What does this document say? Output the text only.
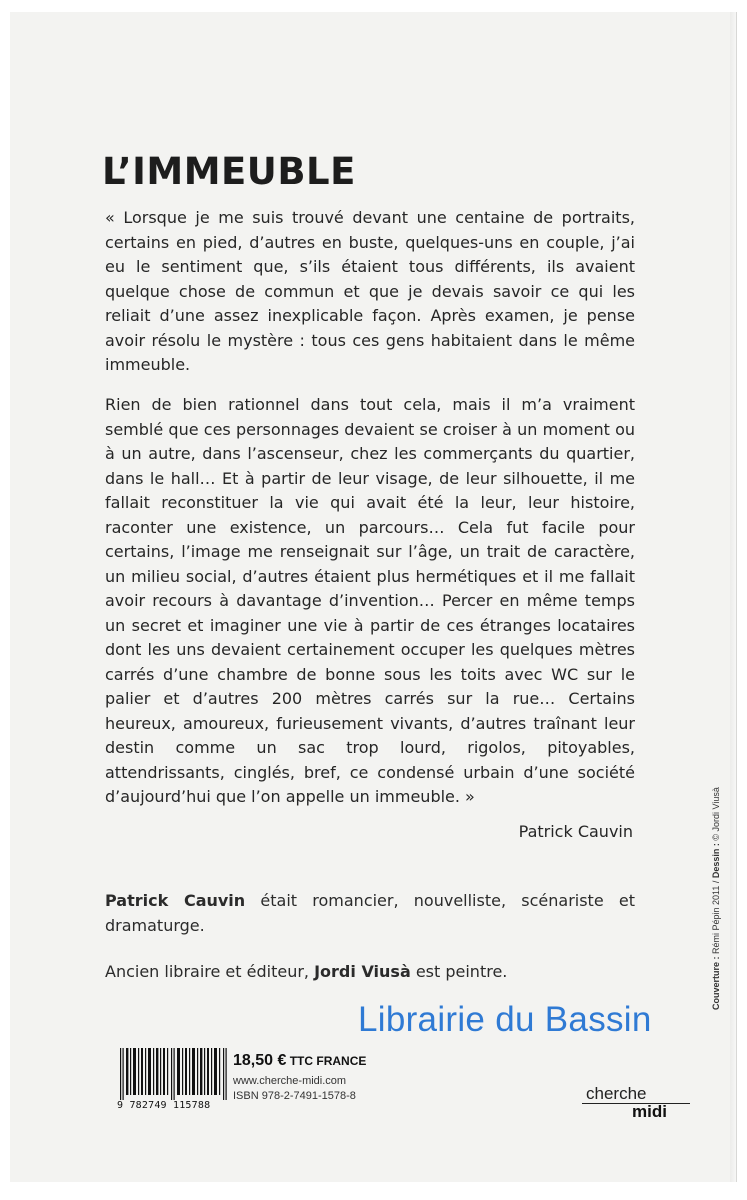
L’IMMEUBLE

« Lorsque je me suis trouvé devant une centaine de portraits, certains en pied, d’autres en buste, quelques-uns en couple, j’ai eu le sentiment que, s’ils étaient tous différents, ils avaient quelque chose de commun et que je devais savoir ce qui les reliait d’une assez inexplicable façon. Après examen, je pense avoir résolu le mystère : tous ces gens habitaient dans le même immeuble.

Rien de bien rationnel dans tout cela, mais il m’a vraiment semblé que ces personnages devaient se croiser à un moment ou à un autre, dans l’ascenseur, chez les commerçants du quartier, dans le hall… Et à partir de leur visage, de leur silhouette, il me fallait reconstituer la vie qui avait été la leur, leur histoire, raconter une existence, un parcours… Cela fut facile pour certains, l’image me renseignait sur l’âge, un trait de caractère, un milieu social, d’autres étaient plus hermétiques et il me fallait avoir recours à davantage d’invention… Percer en même temps un secret et imaginer une vie à partir de ces étranges locataires dont les uns devaient certainement occuper les quelques mètres carrés d’une chambre de bonne sous les toits avec WC sur le palier et d’autres 200 mètres carrés sur la rue… Certains heureux, amoureux, furieusement vivants, d’autres traînant leur destin comme un sac trop lourd, rigolos, pitoyables, attendrissants, cinglés, bref, ce condensé urbain d’une société d’aujourd’hui que l’on appelle un immeuble. »

Patrick Cauvin
Patrick Cauvin était romancier, nouvelliste, scénariste et dramaturge.
Ancien libraire et éditeur, Jordi Viusà est peintre.
Librairie du Bassin
Couverture : Rémi Pépin 2011 / Dessin : © Jordi Viusà
9 782749 115788
18,50 € TTC FRANCE
www.cherche-midi.com
ISBN 978-2-7491-1578-8	cherche
midi
